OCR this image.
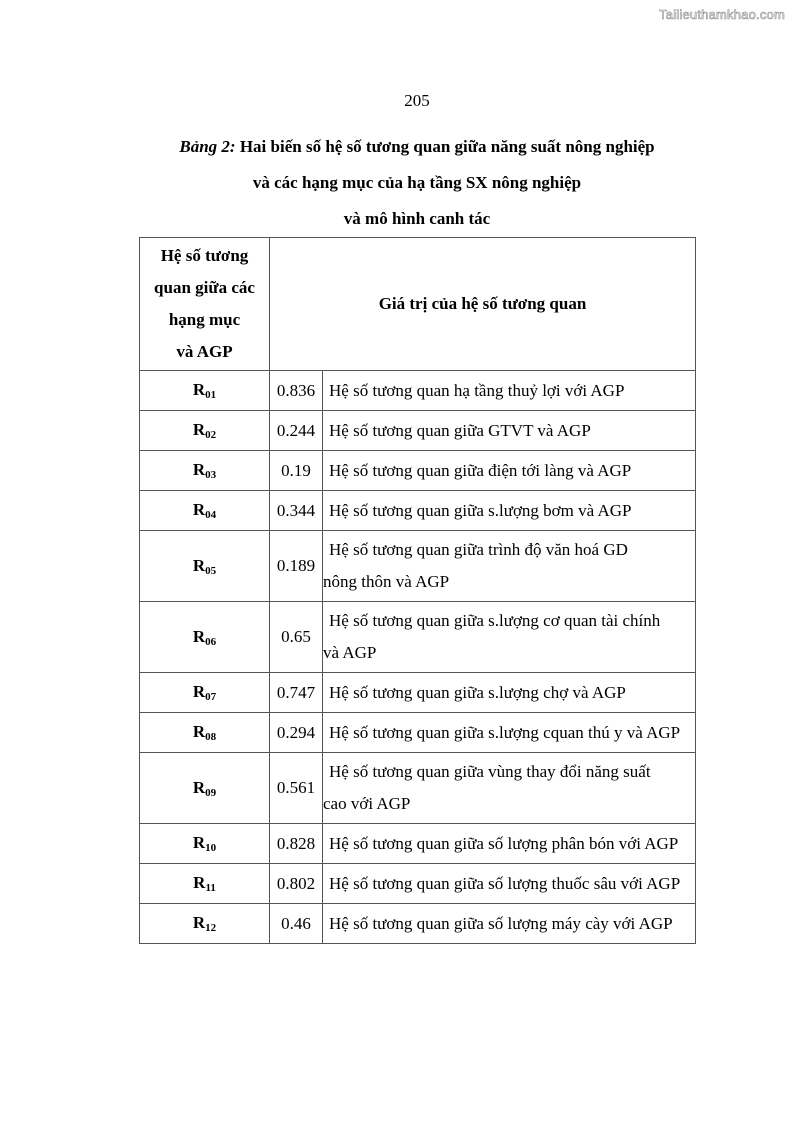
Tailieuthamkhao.com
205
Bảng 2: Hai biến số hệ số tương quan giữa năng suất nông nghiệp
và các hạng mục của hạ tầng SX nông nghiệp
và mô hình canh tác
Hệ số tương
quan giữa các
hạng mục
và AGP	Giá trị của hệ số tương quan	
$R_{01}$	0.836	Hệ số tương quan hạ tầng thuỷ lợi với AGP

$R_{02}$	0.244	Hệ số tương quan giữa GTVT và AGP

$R_{03}$	0.19	Hệ số tương quan giữa điện tới làng và AGP

$R_{04}$	0.344	Hệ số tương quan giữa s.lượng bơm và AGP

$R_{05}$	0.189	Hệ số tương quan giữa trình độ văn hoá GD
nông thôn và AGP

$R_{06}$	0.65	Hệ số tương quan giữa s.lượng cơ quan tài chính
và AGP

$R_{07}$	0.747	Hệ số tương quan giữa s.lượng chợ và AGP

$R_{08}$	0.294	Hệ số tương quan giữa s.lượng cquan thú y và AGP

$R_{09}$	0.561	Hệ số tương quan giữa vùng thay đổi năng suất
cao với AGP

$R_{10}$	0.828	Hệ số tương quan giữa số lượng phân bón với AGP

$R_{11}$	0.802	Hệ số tương quan giữa số lượng thuốc sâu với AGP

$R_{12}$	0.46	Hệ số tương quan giữa số lượng máy cày với AGP
